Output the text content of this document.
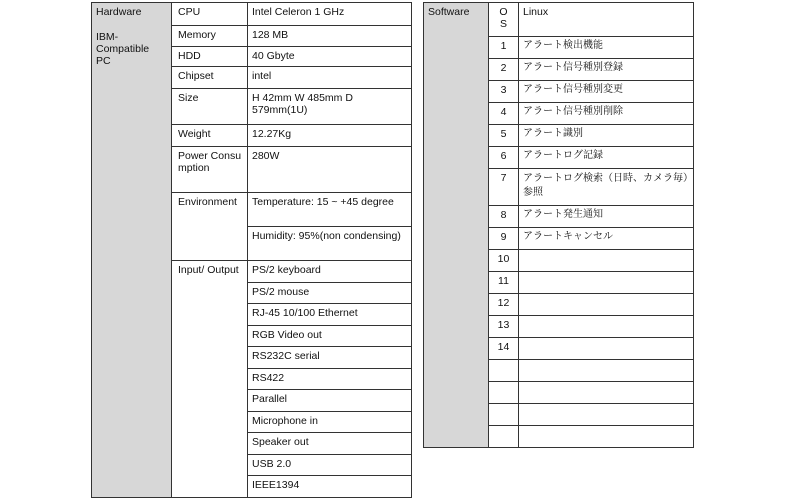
Hardware
IBM-Compatible PC	CPU	Intel Celeron 1 GHz
	Memory	128 MB
	HDD	40 Gbyte
	Chipset	intel
	Size	H 42mm W 485mm D 579mm(1U)
	Weight	12.27Kg
	Power Consumption	280W
	Environment	Temperature: 15 ~ +45 degree
		Humidity: 95%(non condensing)
	Input/ Output	PS/2 keyboard
		PS/2 mouse
		RJ-45 10/100 Ethernet
		RGB Video out
		RS232C serial
		RS422
		Parallel
		Microphone in
		Speaker out
		USB 2.0
		IEEE1394
Software	OS	Linux
	1	アラート検出機能
	2	アラート信号種別登録
	3	アラート信号種別変更
	4	アラート信号種別削除
	5	アラート識別
	6	アラートログ記録
	7	アラートログ検索（日時、カメラ毎）参照
	8	アラート発生通知
	9	アラートキャンセル
	10	
	11	
	12	
	13	
	14	
